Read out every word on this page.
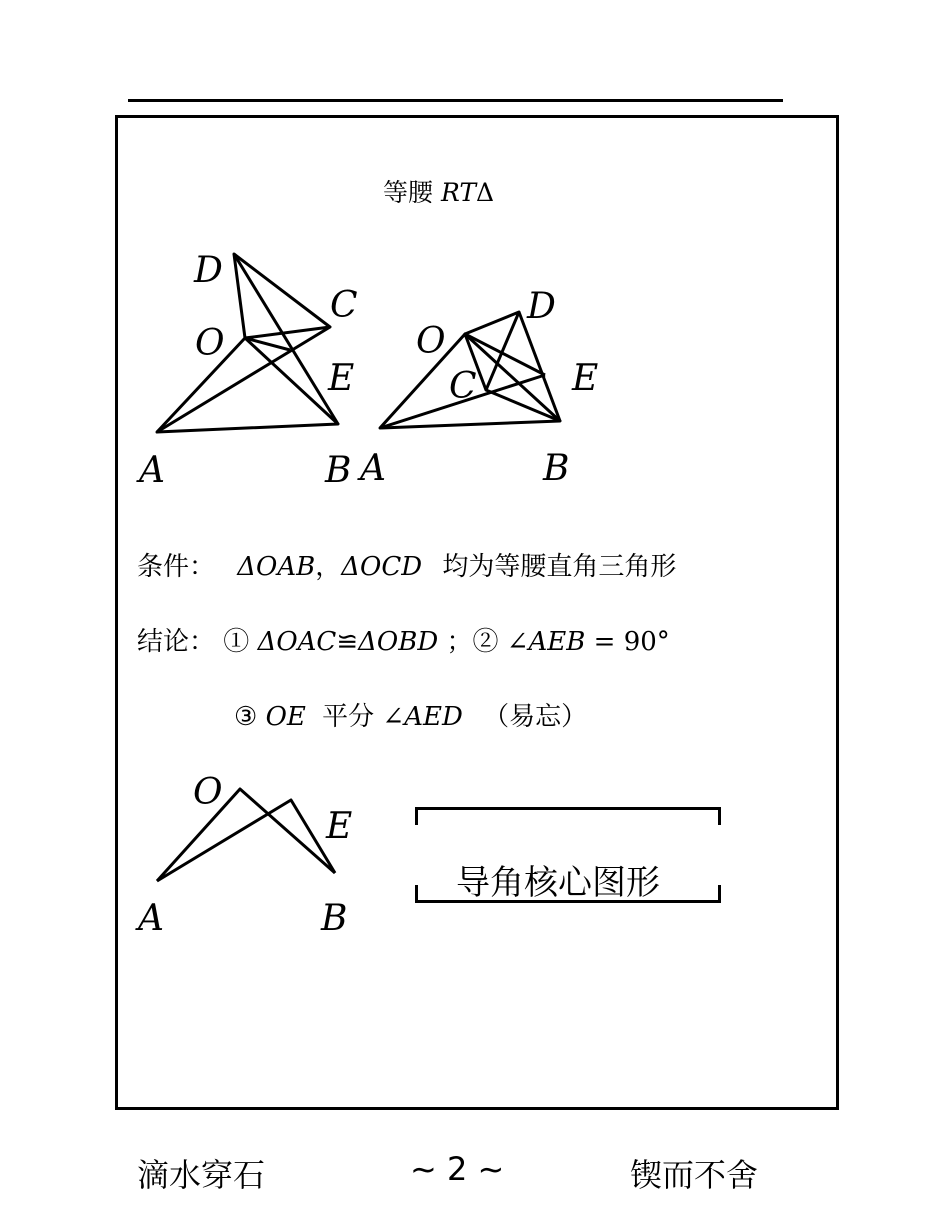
等腰 RTΔ
D
C
O
E
A	B
O
D
C	E
A	B
条件： ΔOAB，ΔOCD 均为等腰直角三角形
结论： ① ΔOAC≌ΔOBD ；② ∠AEB = 90°
③ OE 平分 ∠AED （易忘）
O
E
A	B
导角核心图形
滴水穿石	~ 2 ~	锲而不舍
